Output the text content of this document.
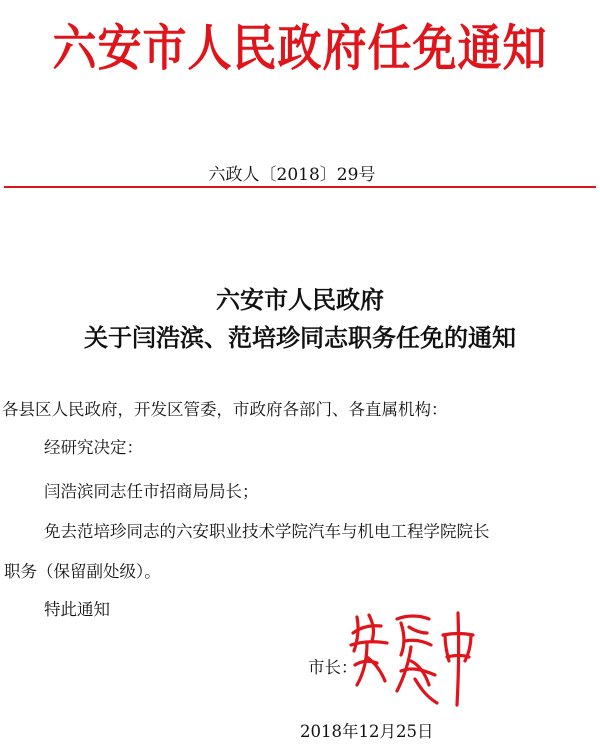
六安市人民政府任免通知
六政人〔2018〕29号
六安市人民政府
关于闫浩滨、范培珍同志职务任免的通知
各县区人民政府，开发区管委，市政府各部门、各直属机构：
经研究决定：
闫浩滨同志任市招商局局长；
免去范培珍同志的六安职业技术学院汽车与机电工程学院院长
职务（保留副处级）。
特此通知
市长：
2018年12月25日
